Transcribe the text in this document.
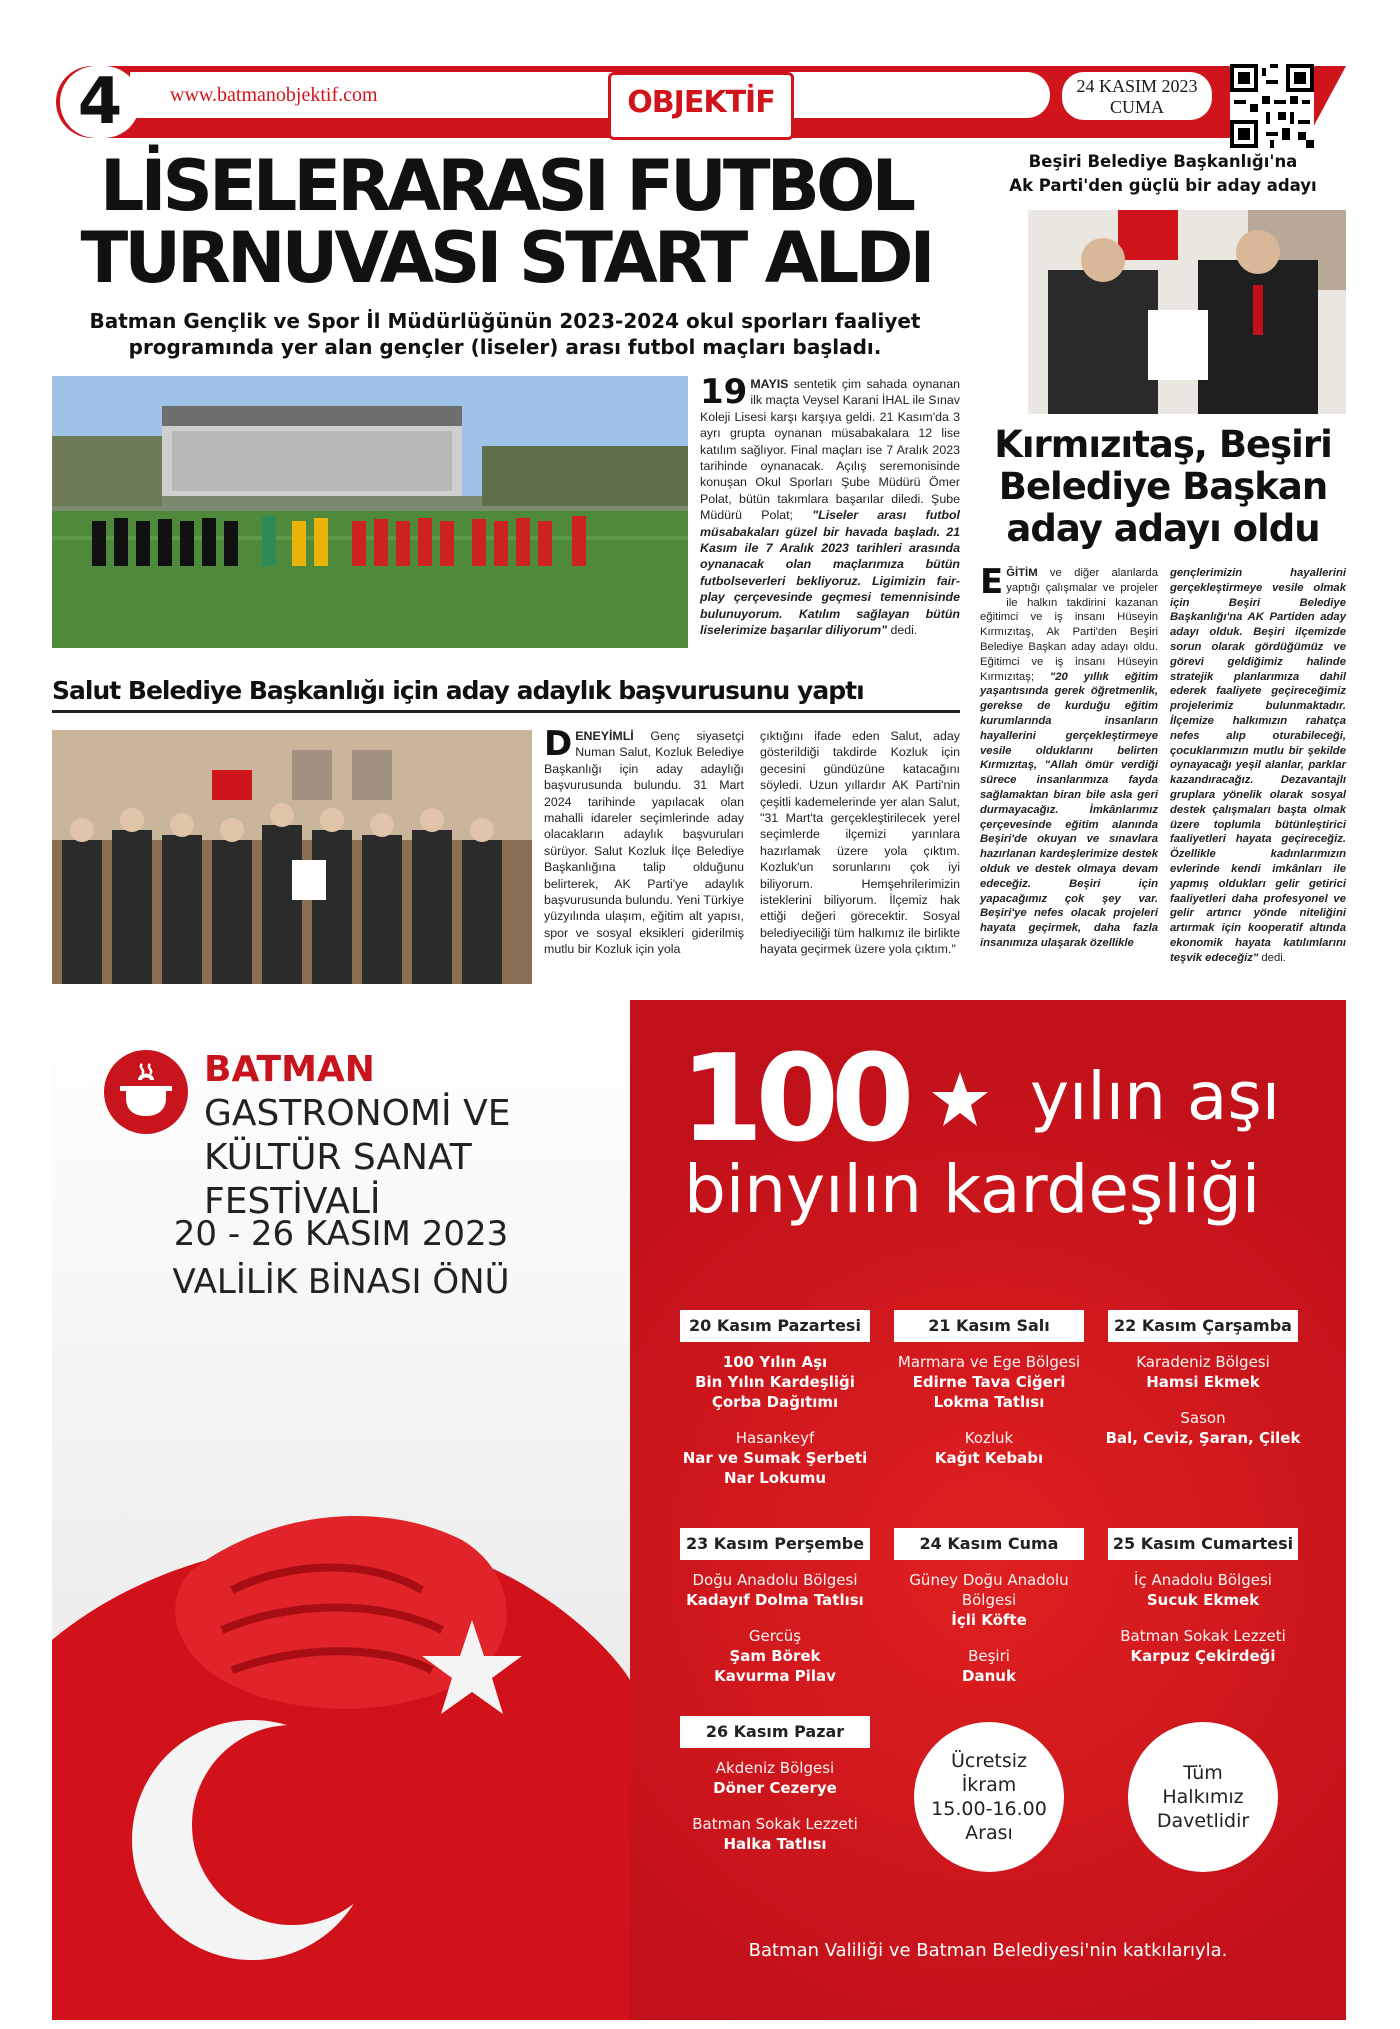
4	www.batmanobjektif.com	OBJEKTİF	24 KASIM 2023
CUMA
LİSELERARASI FUTBOL
TURNUVASI START ALDI
Batman Gençlik ve Spor İl Müdürlüğünün 2023-2024 okul sporları faaliyet programında yer alan gençler (liseler) arası futbol maçları başladı.
19 MAYIS sentetik çim sahada oynanan ilk maçta Veysel Karani İHAL ile Sınav Koleji Lisesi karşı karşıya geldi. 21 Kasım'da 3 ayrı grupta oynanan müsabakalara 12 lise katılım sağlıyor. Final maçları ise 7 Aralık 2023 tarihinde oynanacak. Açılış seremonisinde konuşan Okul Sporları Şube Müdürü Ömer Polat, bütün takımlara başarılar diledi. Şube Müdürü Polat; "Liseler arası futbol müsabakaları güzel bir havada başladı. 21 Kasım ile 7 Aralık 2023 tarihleri arasında oynanacak olan maçlarımıza bütün futbolseverleri bekliyoruz. Ligimizin fair-play çerçevesinde geçmesi temennisinde bulunuyorum. Katılım sağlayan bütün liselerimize başarılar diliyorum" dedi.
Salut Belediye Başkanlığı için aday adaylık başvurusunu yaptı
DENEYİMLİ Genç siyasetçi Numan Salut, Kozluk Belediye Başkanlığı için aday adaylığı başvurusunda bulundu. 31 Mart 2024 tarihinde yapılacak olan mahalli idareler seçimlerinde aday olacakların adaylık başvuruları sürüyor. Salut Kozluk İlçe Belediye Başkanlığına talip olduğunu belirterek, AK Parti'ye adaylık başvurusunda bulundu. Yeni Türkiye yüzyılında ulaşım, eğitim alt yapısı, spor ve sosyal eksikleri giderilmiş mutlu bir Kozluk için yola
çıktığını ifade eden Salut, aday gösterildiği takdirde Kozluk için gecesini gündüzüne katacağını söyledi. Uzun yıllardır AK Parti'nin çeşitli kademelerinde yer alan Salut, "31 Mart'ta gerçekleştirilecek yerel seçimlerde ilçemizi yarınlara hazırlamak üzere yola çıktım. Kozluk'un sorunlarını çok iyi biliyorum. Hemşehrilerimizin isteklerini biliyorum. İlçemiz hak ettiği değeri görecektir. Sosyal belediyeciliği tüm halkımız ile birlikte hayata geçirmek üzere yola çıktım."
Beşiri Belediye Başkanlığı'na
Ak Parti'den güçlü bir aday adayı
Kırmızıtaş, Beşiri
Belediye Başkan
aday adayı oldu
EĞİTİM ve diğer alanlarda yaptığı çalışmalar ve projeler ile halkın takdirini kazanan eğitimci ve iş insanı Hüseyin Kırmızıtaş, Ak Parti'den Beşiri Belediye Başkan aday adayı oldu. Eğitimci ve iş insanı Hüseyin Kırmızıtaş; "20 yıllık eğitim yaşantısında gerek öğretmenlik, gerekse de kurduğu eğitim kurumlarında insanların hayallerini gerçekleştirmeye vesile olduklarını belirten Kırmızıtaş, "Allah ömür verdiği sürece insanlarımıza fayda sağlamaktan biran bile asla geri durmayacağız. İmkânlarımız çerçevesinde eğitim alanında Beşiri'de okuyan ve sınavlara hazırlanan kardeşlerimize destek olduk ve destek olmaya devam edeceğiz. Beşiri için yapacağımız çok şey var. Beşiri'ye nefes olacak projeleri hayata geçirmek, daha fazla insanımıza ulaşarak özellikle
gençlerimizin hayallerini gerçekleştirmeye vesile olmak için Beşiri Belediye Başkanlığı'na AK Partiden aday adayı olduk. Beşiri ilçemizde sorun olarak gördüğümüz ve görevi geldiğimiz halinde stratejik planlarımıza dahil ederek faaliyete geçireceğimiz projelerimiz bulunmaktadır. İlçemize halkımızın rahatça nefes alıp oturabileceği, çocuklarımızın mutlu bir şekilde oynayacağı yeşil alanlar, parklar kazandıracağız. Dezavantajlı gruplara yönelik olarak sosyal destek çalışmaları başta olmak üzere toplumla bütünleştirici faaliyetleri hayata geçireceğiz. Özellikle kadınlarımızın evlerinde kendi imkânları ile yapmış oldukları gelir getirici faaliyetleri daha profesyonel ve gelir artırıcı yönde niteliğini artırmak için kooperatif altında ekonomik hayata katılımlarını teşvik edeceğiz" dedi.
BATMAN GASTRONOMİ VE
KÜLTÜR SANAT FESTİVALİ
20 - 26 KASIM 2023
VALİLİK BİNASI ÖNÜ
100 yılın aşı
binyılın kardeşliği
20 Kasım Pazartesi
100 Yılın Aşı
Bin Yılın Kardeşliği
Çorba Dağıtımı
Hasankeyf
Nar ve Sumak Şerbeti
Nar Lokumu
21 Kasım Salı
Marmara ve Ege Bölgesi
Edirne Tava Ciğeri
Lokma Tatlısı
Kozluk
Kağıt Kebabı
22 Kasım Çarşamba
Karadeniz Bölgesi
Hamsi Ekmek
Sason
Bal, Ceviz, Şaran, Çilek
23 Kasım Perşembe
Doğu Anadolu Bölgesi
Kadayıf Dolma Tatlısı
Gercüş
Şam Börek
Kavurma Pilav
24 Kasım Cuma
Güney Doğu Anadolu Bölgesi
İçli Köfte
Beşiri
Danuk
25 Kasım Cumartesi
İç Anadolu Bölgesi
Sucuk Ekmek
Batman Sokak Lezzeti
Karpuz Çekirdeği
26 Kasım Pazar
Akdeniz Bölgesi
Döner Cezerye
Batman Sokak Lezzeti
Halka Tatlısı
Ücretsiz
İkram
15.00-16.00
Arası
Tüm
Halkımız
Davetlidir
Batman Valiliği ve Batman Belediyesi'nin katkılarıyla.
